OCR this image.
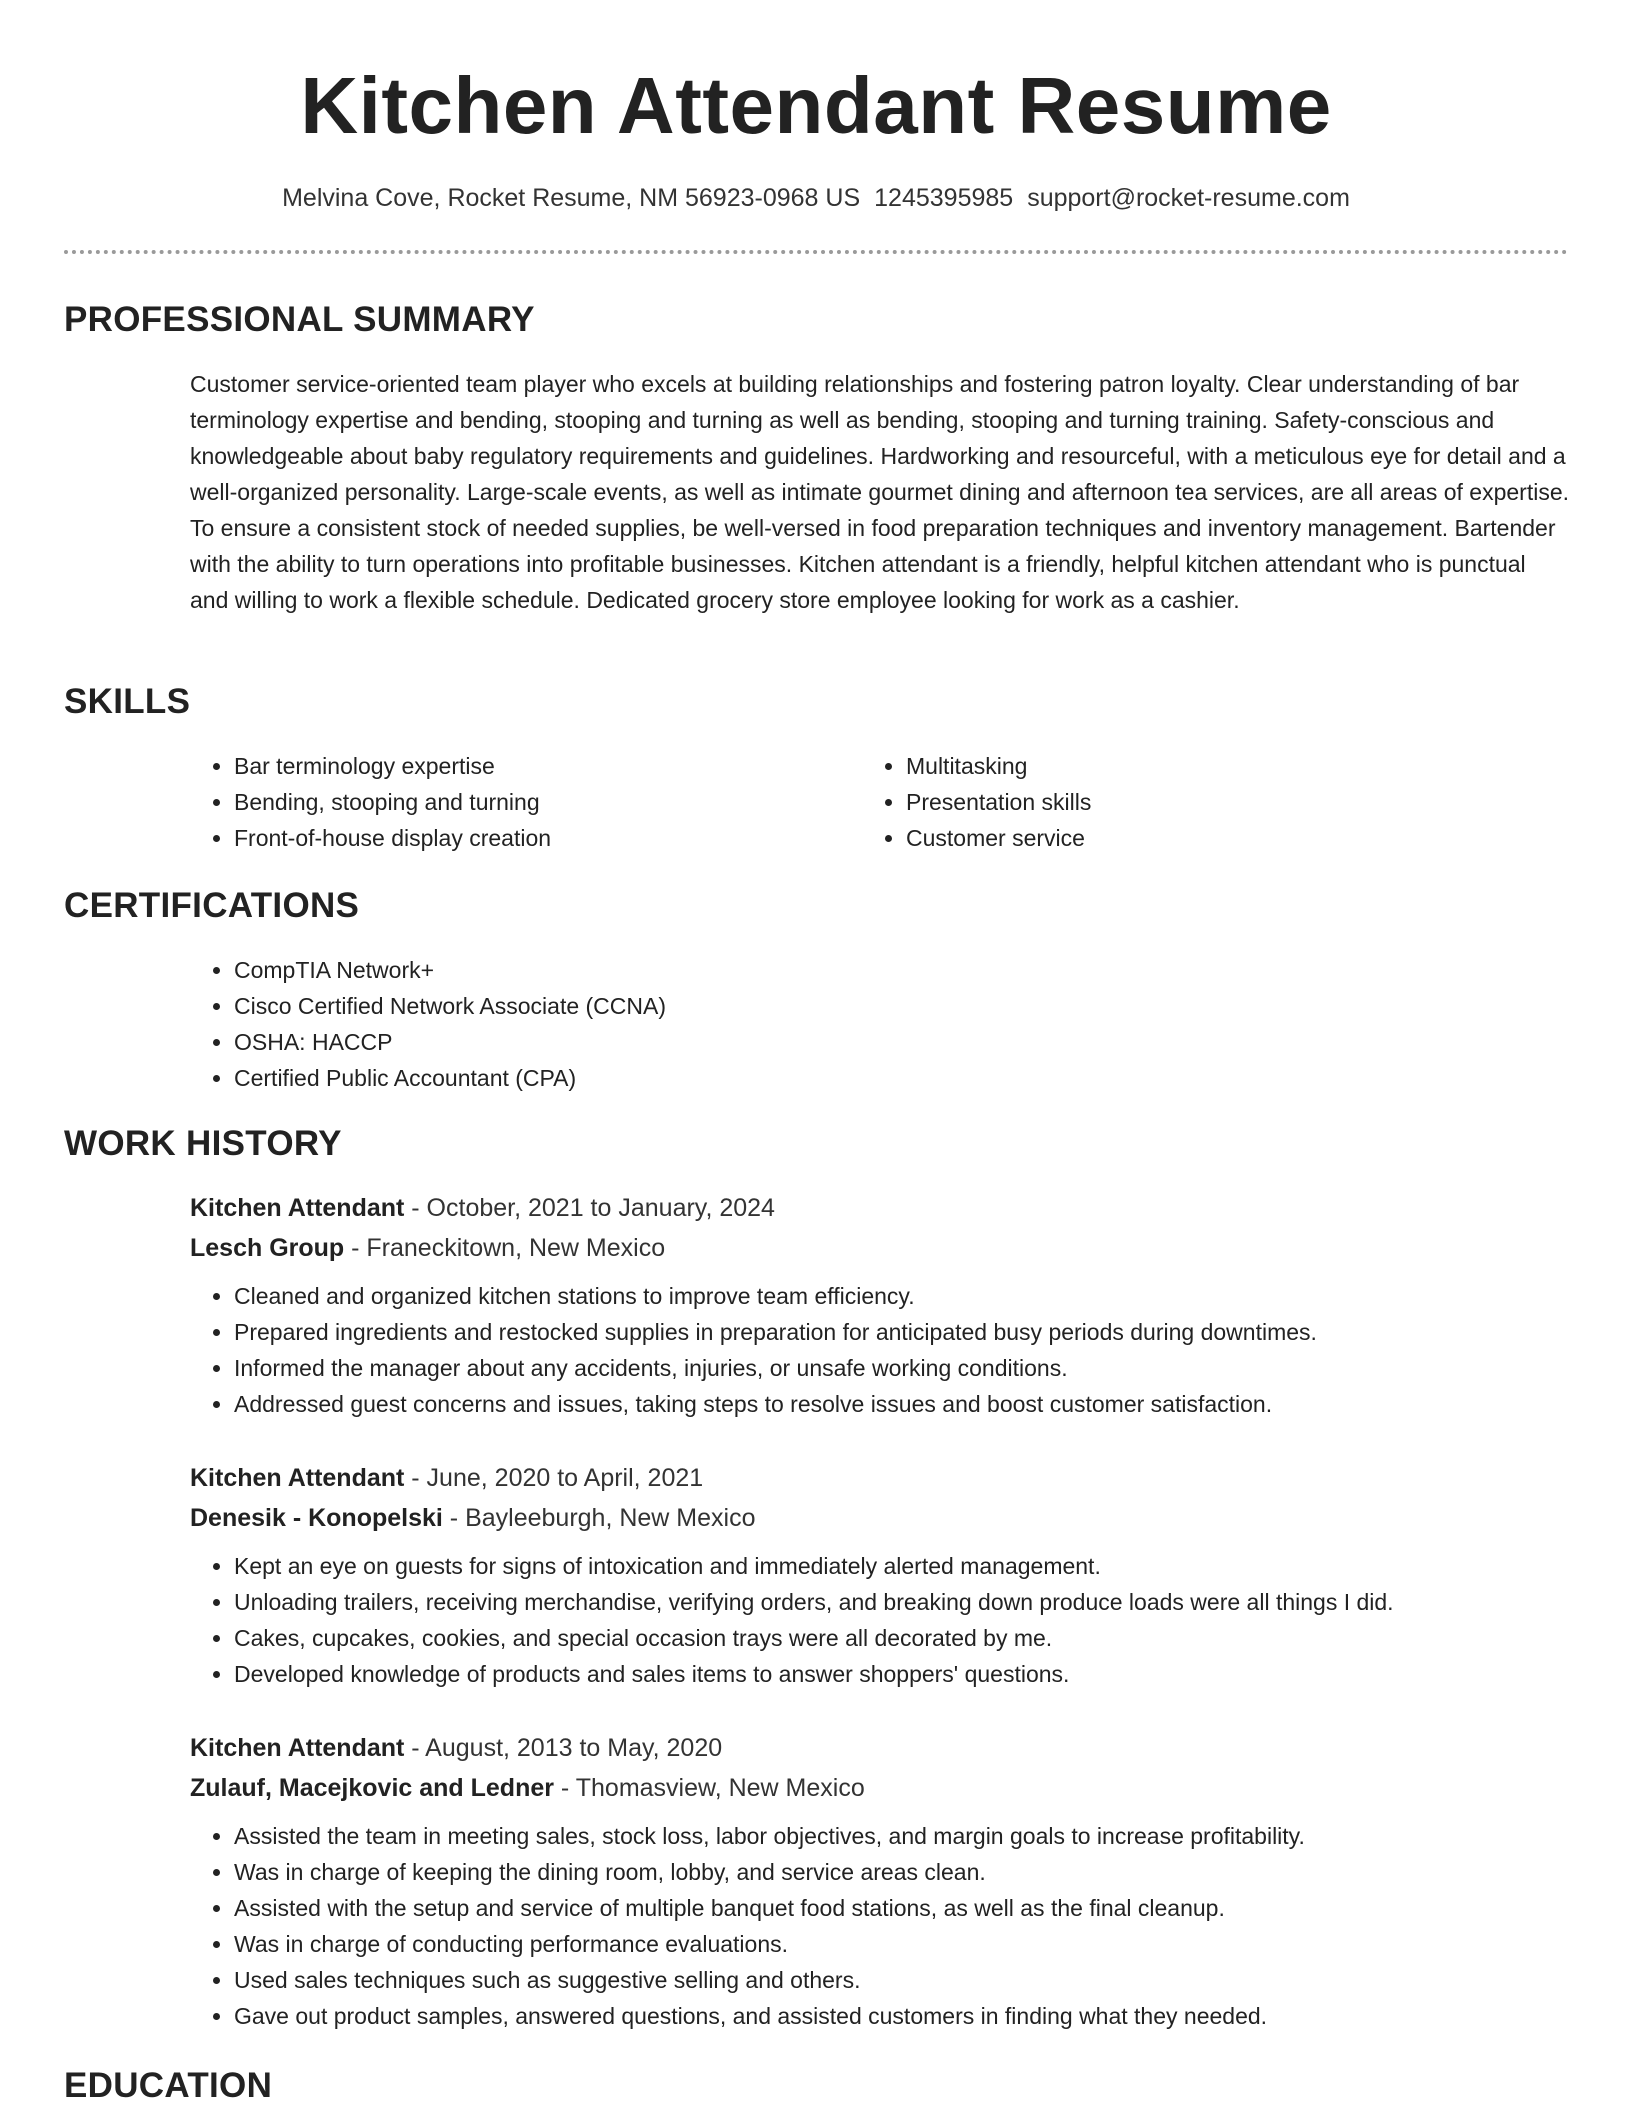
Kitchen Attendant Resume
Melvina Cove, Rocket Resume, NM 56923-0968 US 1245395985 support@rocket-resume.com
PROFESSIONAL SUMMARY
Customer service-oriented team player who excels at building relationships and fostering patron loyalty. Clear understanding of bar terminology expertise and bending, stooping and turning as well as bending, stooping and turning training. Safety-conscious and knowledgeable about baby regulatory requirements and guidelines. Hardworking and resourceful, with a meticulous eye for detail and a well-organized personality. Large-scale events, as well as intimate gourmet dining and afternoon tea services, are all areas of expertise. To ensure a consistent stock of needed supplies, be well-versed in food preparation techniques and inventory management. Bartender with the ability to turn operations into profitable businesses. Kitchen attendant is a friendly, helpful kitchen attendant who is punctual and willing to work a flexible schedule. Dedicated grocery store employee looking for work as a cashier.
SKILLS
• Bar terminology expertise
• Bending, stooping and turning
• Front-of-house display creation
• Multitasking
• Presentation skills
• Customer service
CERTIFICATIONS
• CompTIA Network+
• Cisco Certified Network Associate (CCNA)
• OSHA: HACCP
• Certified Public Accountant (CPA)
WORK HISTORY
Kitchen Attendant - October, 2021 to January, 2024
Lesch Group - Franeckitown, New Mexico
• Cleaned and organized kitchen stations to improve team efficiency.
• Prepared ingredients and restocked supplies in preparation for anticipated busy periods during downtimes.
• Informed the manager about any accidents, injuries, or unsafe working conditions.
• Addressed guest concerns and issues, taking steps to resolve issues and boost customer satisfaction.
Kitchen Attendant - June, 2020 to April, 2021
Denesik - Konopelski - Bayleeburgh, New Mexico
• Kept an eye on guests for signs of intoxication and immediately alerted management.
• Unloading trailers, receiving merchandise, verifying orders, and breaking down produce loads were all things I did.
• Cakes, cupcakes, cookies, and special occasion trays were all decorated by me.
• Developed knowledge of products and sales items to answer shoppers' questions.
Kitchen Attendant - August, 2013 to May, 2020
Zulauf, Macejkovic and Ledner - Thomasview, New Mexico
• Assisted the team in meeting sales, stock loss, labor objectives, and margin goals to increase profitability.
• Was in charge of keeping the dining room, lobby, and service areas clean.
• Assisted with the setup and service of multiple banquet food stations, as well as the final cleanup.
• Was in charge of conducting performance evaluations.
• Used sales techniques such as suggestive selling and others.
• Gave out product samples, answered questions, and assisted customers in finding what they needed.
EDUCATION
